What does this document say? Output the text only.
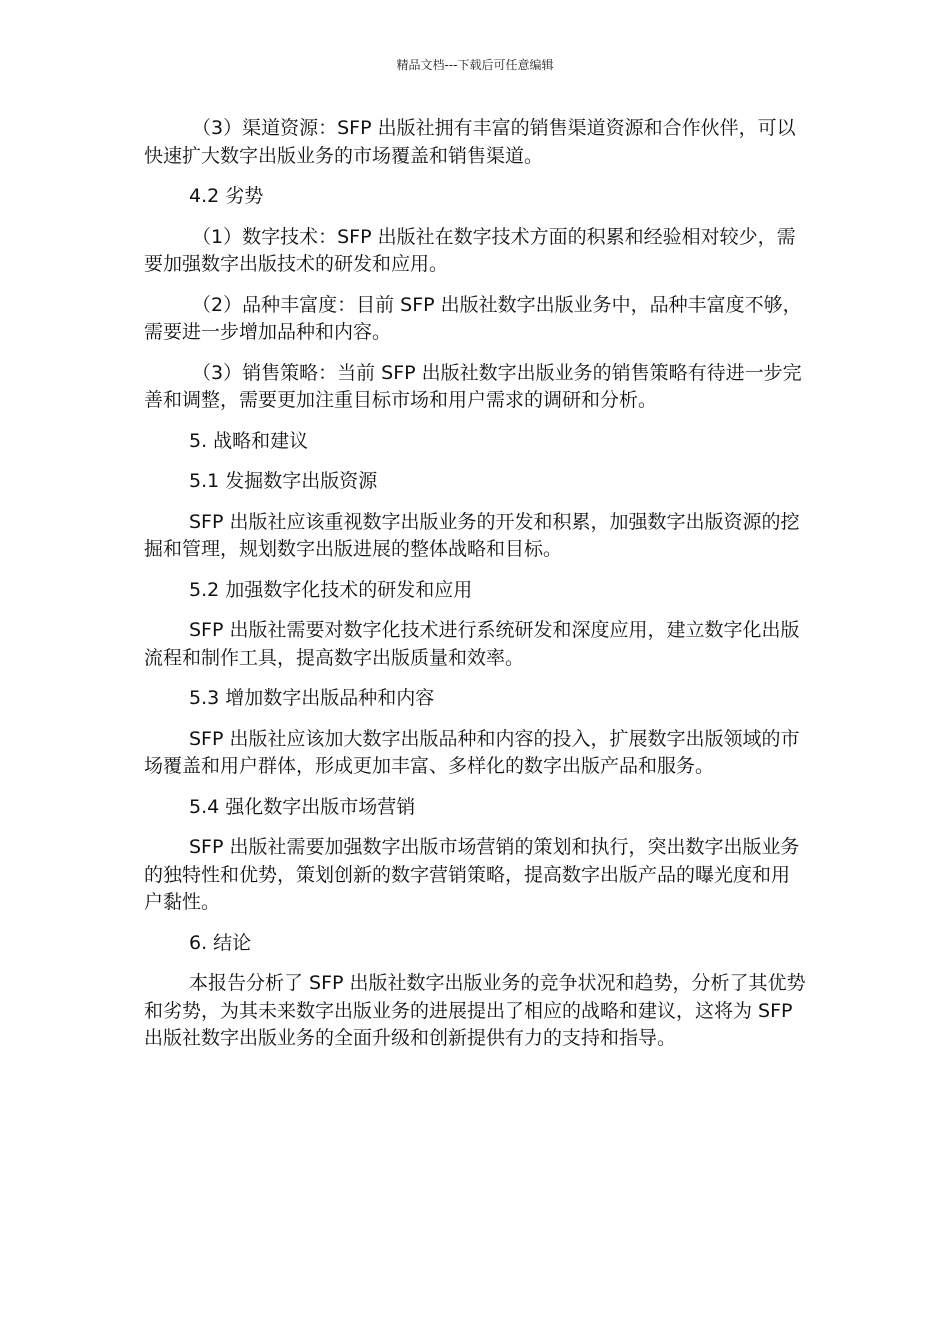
精品文档---下载后可任意编辑

（3）渠道资源：SFP 出版社拥有丰富的销售渠道资源和合作伙伴，可以快速扩大数字出版业务的市场覆盖和销售渠道。

4.2 劣势

（1）数字技术：SFP 出版社在数字技术方面的积累和经验相对较少，需要加强数字出版技术的研发和应用。

（2）品种丰富度：目前 SFP 出版社数字出版业务中，品种丰富度不够，需要进一步增加品种和内容。

（3）销售策略：当前 SFP 出版社数字出版业务的销售策略有待进一步完善和调整，需要更加注重目标市场和用户需求的调研和分析。

5. 战略和建议

5.1 发掘数字出版资源

SFP 出版社应该重视数字出版业务的开发和积累，加强数字出版资源的挖掘和管理，规划数字出版进展的整体战略和目标。

5.2 加强数字化技术的研发和应用

SFP 出版社需要对数字化技术进行系统研发和深度应用，建立数字化出版流程和制作工具，提高数字出版质量和效率。

5.3 增加数字出版品种和内容

SFP 出版社应该加大数字出版品种和内容的投入，扩展数字出版领域的市场覆盖和用户群体，形成更加丰富、多样化的数字出版产品和服务。

5.4 强化数字出版市场营销

SFP 出版社需要加强数字出版市场营销的策划和执行，突出数字出版业务的独特性和优势，策划创新的数字营销策略，提高数字出版产品的曝光度和用户黏性。

6. 结论

本报告分析了 SFP 出版社数字出版业务的竞争状况和趋势，分析了其优势和劣势，为其未来数字出版业务的进展提出了相应的战略和建议，这将为 SFP 出版社数字出版业务的全面升级和创新提供有力的支持和指导。
